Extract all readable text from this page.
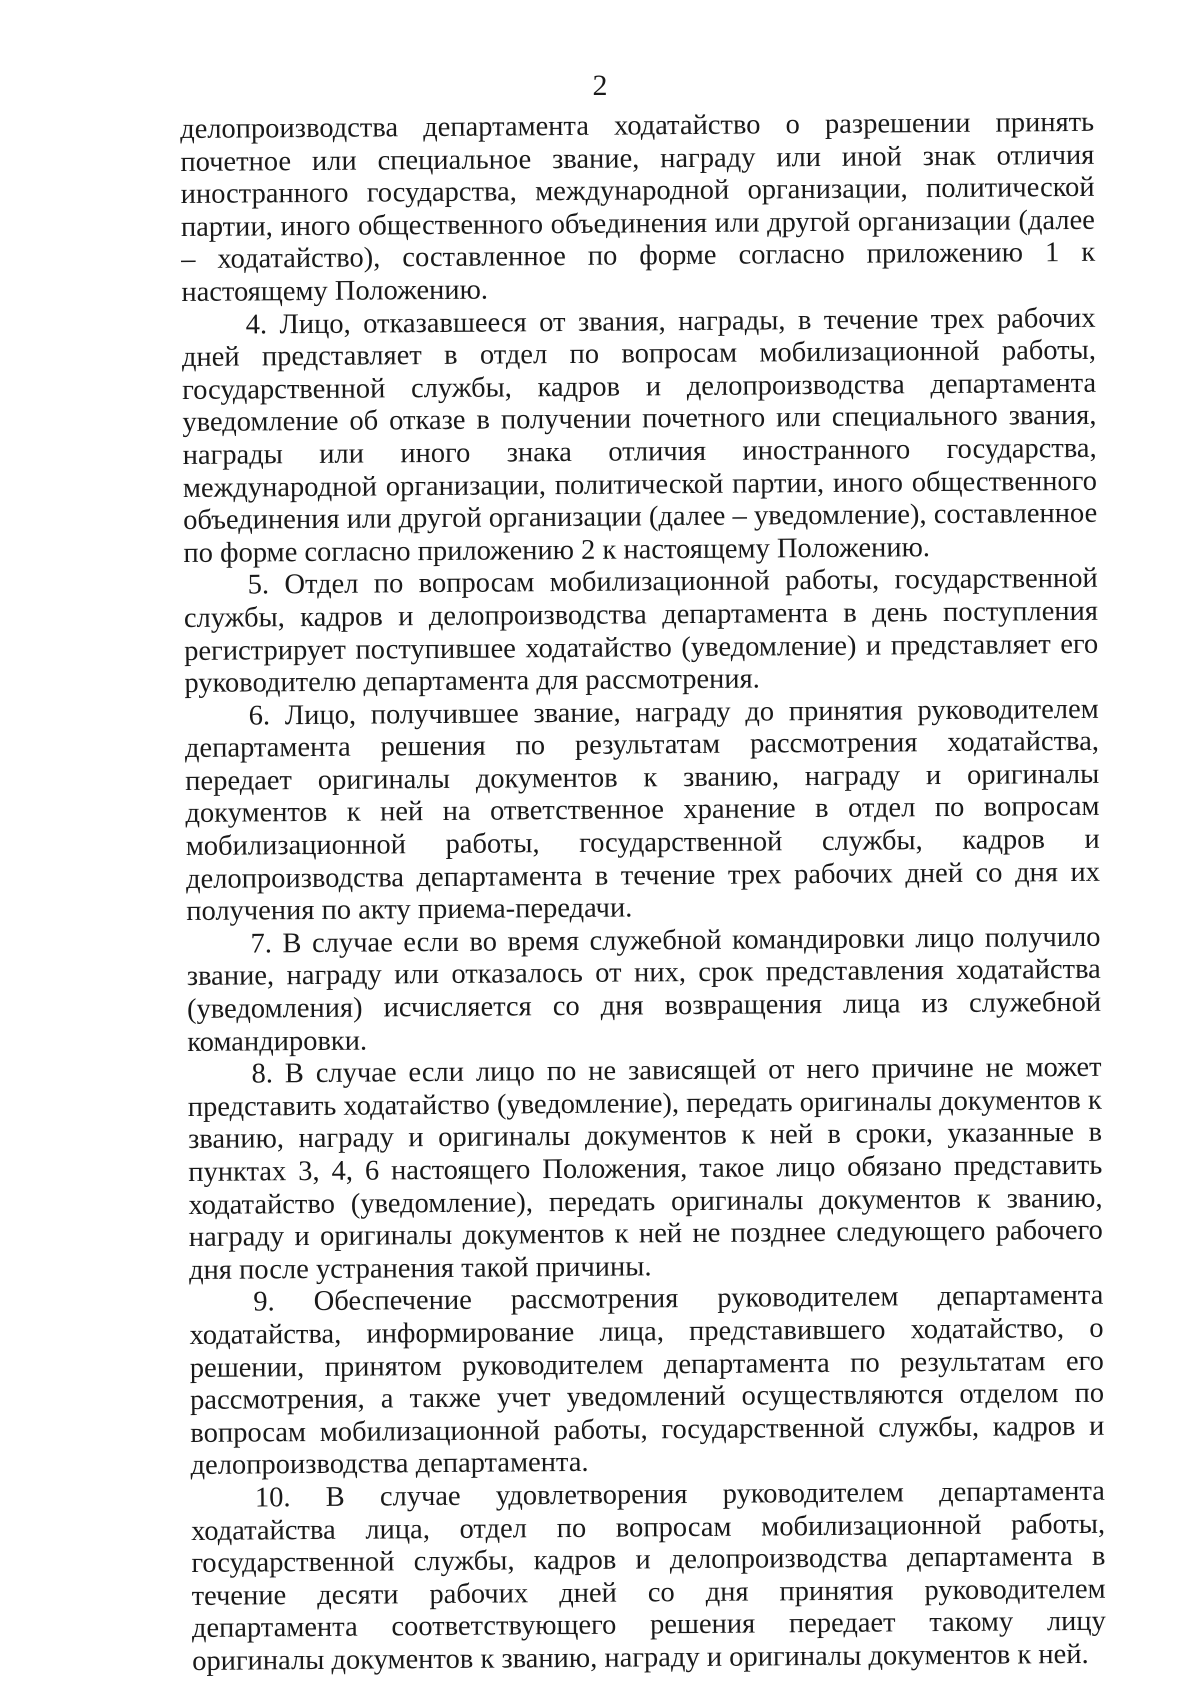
2

делопроизводства департамента ходатайство о разрешении принять почетное или специальное звание, награду или иной знак отличия иностранного государства, международной организации, политической партии, иного общественного объединения или другой организации (далее – ходатайство), составленное по форме согласно приложению 1 к настоящему Положению.

4. Лицо, отказавшееся от звания, награды, в течение трех рабочих дней представляет в отдел по вопросам мобилизационной работы, государственной службы, кадров и делопроизводства департамента уведомление об отказе в получении почетного или специального звания, награды или иного знака отличия иностранного государства, международной организации, политической партии, иного общественного объединения или другой организации (далее – уведомление), составленное по форме согласно приложению 2 к настоящему Положению.

5. Отдел по вопросам мобилизационной работы, государственной службы, кадров и делопроизводства департамента в день поступления регистрирует поступившее ходатайство (уведомление) и представляет его руководителю департамента для рассмотрения.

6. Лицо, получившее звание, награду до принятия руководителем департамента решения по результатам рассмотрения ходатайства, передает оригиналы документов к званию, награду и оригиналы документов к ней на ответственное хранение в отдел по вопросам мобилизационной работы, государственной службы, кадров и делопроизводства департамента в течение трех рабочих дней со дня их получения по акту приема-передачи.

7. В случае если во время служебной командировки лицо получило звание, награду или отказалось от них, срок представления ходатайства (уведомления) исчисляется со дня возвращения лица из служебной командировки.

8. В случае если лицо по не зависящей от него причине не может представить ходатайство (уведомление), передать оригиналы документов к званию, награду и оригиналы документов к ней в сроки, указанные в пунктах 3, 4, 6 настоящего Положения, такое лицо обязано представить ходатайство (уведомление), передать оригиналы документов к званию, награду и оригиналы документов к ней не позднее следующего рабочего дня после устранения такой причины.

9. Обеспечение рассмотрения руководителем департамента ходатайства, информирование лица, представившего ходатайство, о решении, принятом руководителем департамента по результатам его рассмотрения, а также учет уведомлений осуществляются отделом по вопросам мобилизационной работы, государственной службы, кадров и делопроизводства департамента.

10. В случае удовлетворения руководителем департамента ходатайства лица, отдел по вопросам мобилизационной работы, государственной службы, кадров и делопроизводства департамента в течение десяти рабочих дней со дня принятия руководителем департамента соответствующего решения передает такому лицу оригиналы документов к званию, награду и оригиналы документов к ней.
